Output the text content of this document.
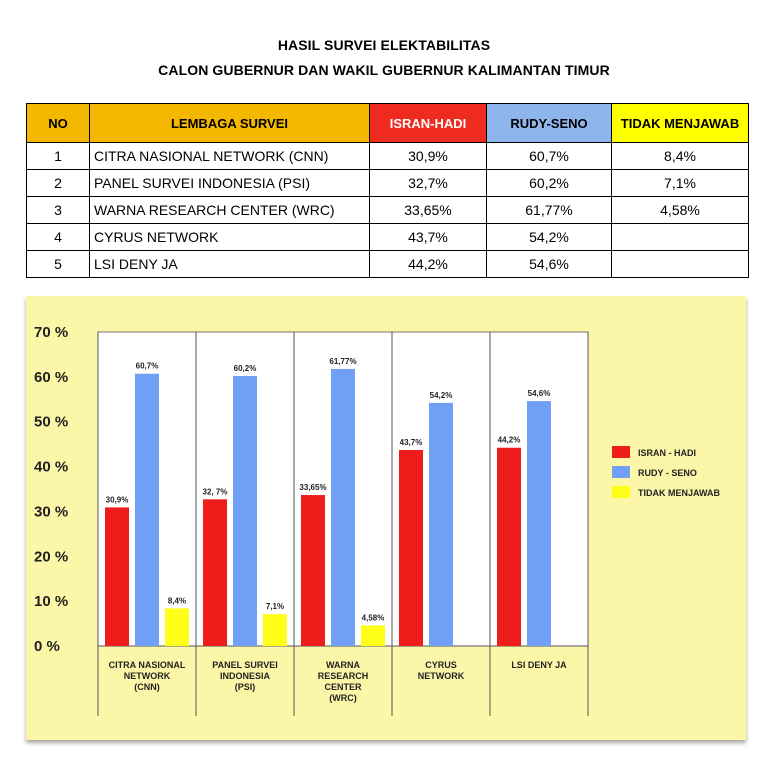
HASIL SURVEI ELEKTABILITAS
CALON GUBERNUR DAN WAKIL GUBERNUR KALIMANTAN TIMUR
NO	LEMBAGA SURVEI	ISRAN-HADI	RUDY-SENO	TIDAK MENJAWAB
1	CITRA NASIONAL NETWORK (CNN)	30,9%	60,7%	8,4%
2	PANEL SURVEI INDONESIA (PSI)	32,7%	60,2%	7,1%
3	WARNA RESEARCH CENTER (WRC)	33,65%	61,77%	4,58%
4	CYRUS NETWORK	43,7%	54,2%	
5	LSI DENY JA	44,2%	54,6%	
0 %
10 %
20 %
30 %
40 %
50 %
60 %
70 %
30,9%
32, 7%	33,65%
43,7%	44,2%
60,7%	60,2%
61,77%
54,2%	54,6%
8,4%
7,1%
4,58%
CITRA NASIONAL
NETWORK
(CNN)
PANEL SURVEI
INDONESIA
(PSI)
WARNA
RESEARCH
CENTER
(WRC)
CYRUS
NETWORK
LSI DENY JA
ISRAN - HADI
RUDY - SENO
TIDAK MENJAWAB
